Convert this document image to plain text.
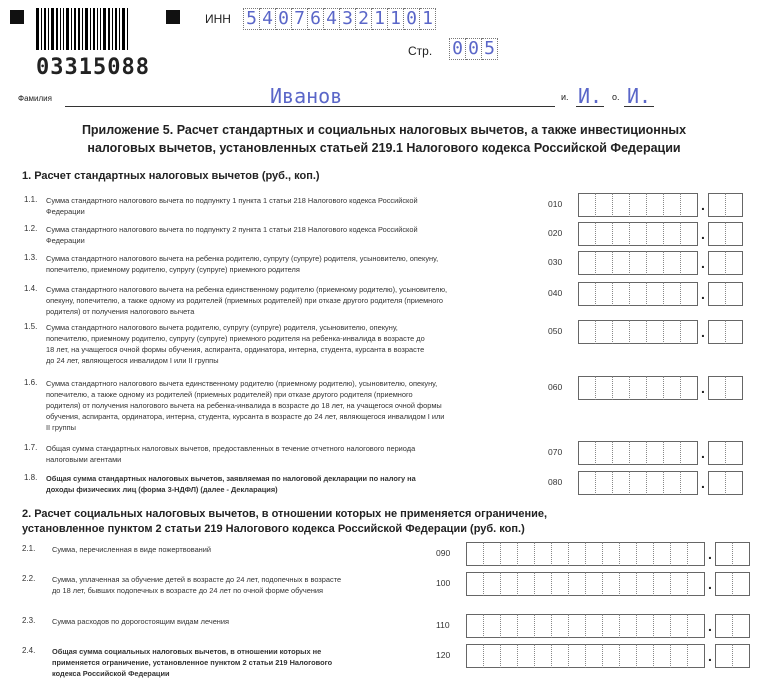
03315088
ИНН 5 4 0 7 6 4 3 2 1 1 0 1
Стр. 0 0 5
Фамилия	Иванов	и. И. о. И.
Приложение 5. Расчет стандартных и социальных налоговых вычетов, а также инвестиционных
налоговых вычетов, установленных статьей 219.1 Налогового кодекса Российской Федерации
1. Расчет стандартных налоговых вычетов (руб., коп.)
1.1. Сумма стандартного налогового вычета по подпункту 1 пункта 1 статьи 218 Налогового кодекса Российской
Федерации
010	.
1.2. Сумма стандартного налогового вычета по подпункту 2 пункта 1 статьи 218 Налогового кодекса Российской
Федерации
020	.
1.3. Сумма стандартного налогового вычета на ребенка родителю, супругу (супруге) родителя, усыновителю, опекуну,
попечителю, приемному родителю, супругу (супруге) приемного родителя
030	.
1.4. Сумма стандартного налогового вычета на ребенка единственному родителю (приемному родителю), усыновителю,
опекуну, попечителю, а также одному из родителей (приемных родителей) при отказе другого родителя (приемного
родителя) от получения налогового вычета
040	.
1.5. Сумма стандартного налогового вычета родителю, супругу (супруге) родителя, усыновителю, опекуну,
попечителю, приемному родителю, супругу (супруге) приемного родителя на ребенка-инвалида в возрасте до
18 лет, на учащегося очной формы обучения, аспиранта, ординатора, интерна, студента, курсанта в возрасте
до 24 лет, являющегося инвалидом I или II группы
050	.
1.6. Сумма стандартного налогового вычета единственному родителю (приемному родителю), усыновителю, опекуну,
попечителю, а также одному из родителей (приемных родителей) при отказе другого родителя (приемного
родителя) от получения налогового вычета на ребенка-инвалида в возрасте до 18 лет, на учащегося очной формы
обучения, аспиранта, ординатора, интерна, студента, курсанта в возрасте до 24 лет, являющегося инвалидом I или
II группы
060	.
1.7. Общая сумма стандартных налоговых вычетов, предоставленных в течение отчетного налогового периода
налоговыми агентами
070	.
1.8. Общая сумма стандартных налоговых вычетов, заявляемая по налоговой декларации по налогу на
доходы физических лиц (форма 3-НДФЛ) (далее - Декларация)
080	.
2. Расчет социальных налоговых вычетов, в отношении которых не применяется ограничение,
установленное пунктом 2 статьи 219 Налогового кодекса Российской Федерации (руб. коп.)
2.1. Сумма, перечисленная в виде пожертвований	090	.
2.2. Сумма, уплаченная за обучение детей в возрасте до 24 лет, подопечных в возрасте
до 18 лет, бывших подопечных в возрасте до 24 лет по очной форме обучения
100	.
2.3. Сумма расходов по дорогостоящим видам лечения	110	.
2.4. Общая сумма социальных налоговых вычетов, в отношении которых не
применяется ограничение, установленное пунктом 2 статьи 219 Налогового
кодекса Российской Федерации
120	.
